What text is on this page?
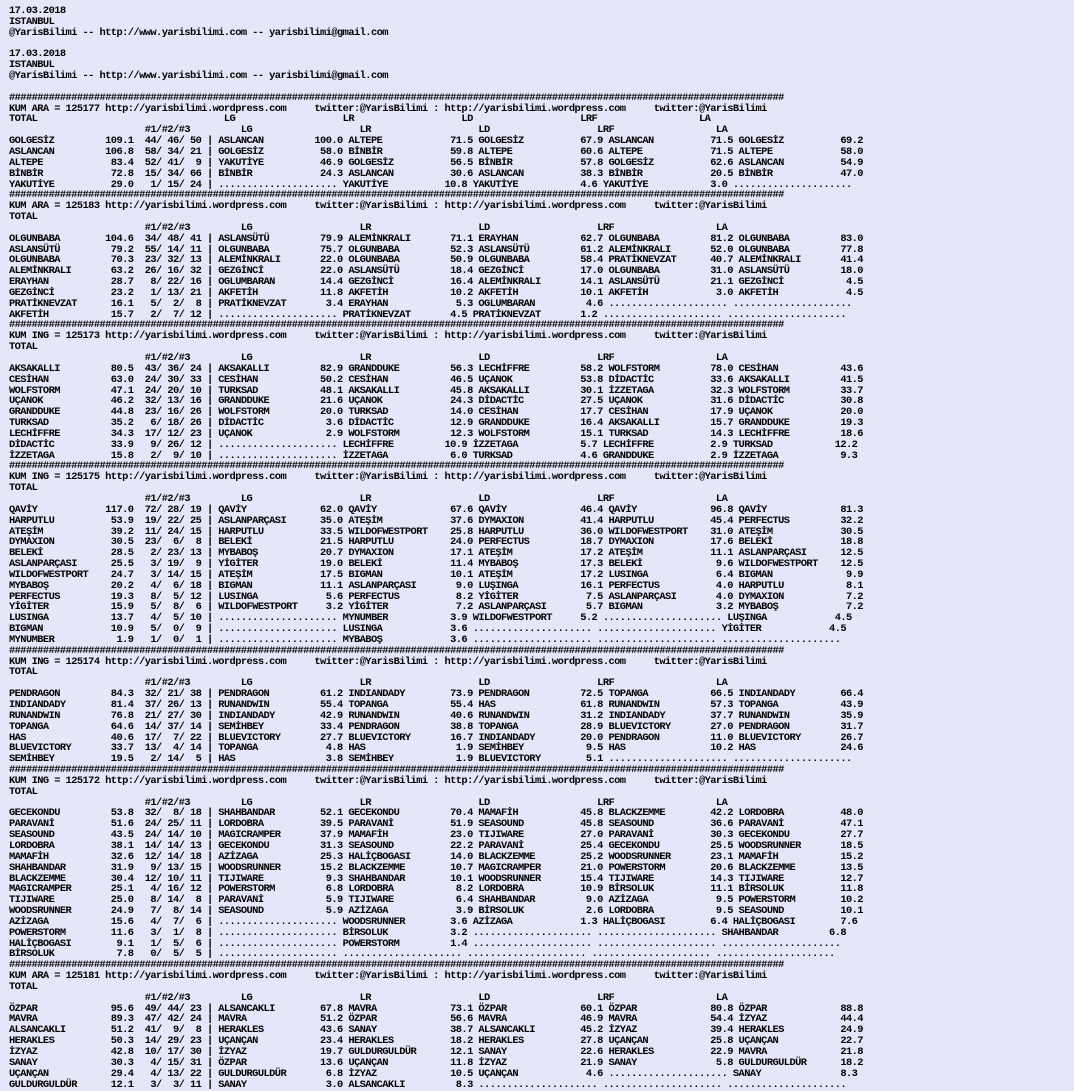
17.03.2018
ISTANBUL
@YarisBilimi -- http://www.yarisbilimi.com -- yarisbilimi@gmail.com
17.03.2018
ISTANBUL
@YarisBilimi -- http://www.yarisbilimi.com -- yarisbilimi@gmail.com
#########################################################################################################################################
KUM ARA = 125177 http://yarisbilimi.wordpress.com     twitter:@YarisBilimi : http://yarisbilimi.wordpress.com     twitter:@YarisBilimi
TOTAL                                 LG                   LR                   LD                   LRF                  LA
#1/#2/#3         LG                   LR                   LD                   LRF                  LA
GOLGESİZ         109.1  44/ 46/ 50 | ASLANCAN         100.0 ALTEPE            71.5 GOLGESİZ          67.9 ASLANCAN          71.5 GOLGESİZ          69.2
ASLANCAN         106.8  58/ 34/ 21 | GOLGESİZ          58.0 BİNBİR            59.8 ALTEPE            60.6 ALTEPE            71.5 ALTEPE            58.0
ALTEPE            83.4  52/ 41/  9 | YAKUTİYE          46.9 GOLGESİZ          56.5 BİNBİR            57.8 GOLGESİZ          62.6 ASLANCAN          54.9
BİNBİR            72.8  15/ 34/ 66 | BİNBİR            24.3 ASLANCAN          30.6 ASLANCAN          38.3 BİNBİR            20.5 BİNBİR            47.0
YAKUTİYE          29.0   1/ 15/ 24 | ..................... YAKUTİYE          10.8 YAKUTİYE           4.6 YAKUTİYE           3.0 .....................
#########################################################################################################################################
KUM ARA = 125183 http://yarisbilimi.wordpress.com     twitter:@YarisBilimi : http://yarisbilimi.wordpress.com     twitter:@YarisBilimi
TOTAL
#1/#2/#3         LG                   LR                   LD                   LRF                  LA
OLGUNBABA        104.6  34/ 48/ 41 | ASLANSÜTÜ         79.9 ALEMİNKRALI       71.1 ERAYHAN           62.7 OLGUNBABA         81.2 OLGUNBABA         83.0
ASLANSÜTÜ         79.2  55/ 14/ 11 | OLGUNBABA         75.7 OLGUNBABA         52.3 ASLANSÜTÜ         61.2 ALEMİNKRALI       52.0 OLGUNBABA         77.8
OLGUNBABA         70.3  23/ 32/ 13 | ALEMİNKRALI       22.0 OLGUNBABA         50.9 OLGUNBABA         58.4 PRATİKNEVZAT      40.7 ALEMİNKRALI       41.4
ALEMİNKRALI       63.2  26/ 16/ 32 | GEZGİNCİ          22.0 ASLANSÜTÜ         18.4 GEZGİNCİ          17.0 OLGUNBABA         31.0 ASLANSÜTÜ         18.0
ERAYHAN           28.7   8/ 22/ 16 | OGLUMBARAN        14.4 GEZGİNCİ          16.4 ALEMİNKRALI       14.1 ASLANSÜTÜ         21.1 GEZGİNCİ           4.5
GEZGİNCİ          23.2   1/ 13/ 21 | AKFETİH           11.8 AKFETİH           10.2 AKFETİH           10.1 AKFETİH            3.0 AKFETİH            4.5
PRATİKNEVZAT      16.1   5/  2/  8 | PRATİKNEVZAT       3.4 ERAYHAN            5.3 OGLUMBARAN         4.6 ..................... .....................
AKFETİH           15.7   2/  7/ 12 | ..................... PRATİKNEVZAT       4.5 PRATİKNEVZAT       1.2 ..................... .....................
#########################################################################################################################################
KUM ING = 125173 http://yarisbilimi.wordpress.com     twitter:@YarisBilimi : http://yarisbilimi.wordpress.com     twitter:@YarisBilimi
TOTAL
#1/#2/#3         LG                   LR                   LD                   LRF                  LA
AKSAKALLI         80.5  43/ 36/ 24 | AKSAKALLI         82.9 GRANDDUKE         56.3 LECHİFFRE         58.2 WOLFSTORM         78.0 CESİHAN           43.6
CESİHAN           63.0  24/ 30/ 33 | CESİHAN           50.2 CESİHAN           46.5 UÇANOK            53.8 DİDACTİC          33.6 AKSAKALLI         41.5
WOLFSTORM         47.1  24/ 20/ 10 | TURKSAD           48.1 AKSAKALLI         45.8 AKSAKALLI         30.1 İZZETAGA          32.3 WOLFSTORM         33.7
UÇANOK            46.2  32/ 13/ 16 | GRANDDUKE         21.6 UÇANOK            24.3 DİDACTİC          27.5 UÇANOK            31.6 DİDACTİC          30.8
GRANDDUKE         44.8  23/ 16/ 26 | WOLFSTORM         20.0 TURKSAD           14.0 CESİHAN           17.7 CESİHAN           17.9 UÇANOK            20.0
TURKSAD           35.2   6/ 18/ 26 | DİDACTİC           3.6 DİDACTİC          12.9 GRANDDUKE         16.4 AKSAKALLI         15.7 GRANDDUKE         19.3
LECHİFFRE         34.3  17/ 12/ 23 | UÇANOK             2.9 WOLFSTORM         12.3 WOLFSTORM         15.1 TURKSAD           14.3 LECHİFFRE         18.6
DİDACTİC          33.9   9/ 26/ 12 | ..................... LECHİFFRE         10.9 İZZETAGA           5.7 LECHİFFRE          2.9 TURKSAD           12.2
İZZETAGA          15.8   2/  9/ 10 | ..................... İZZETAGA           6.0 TURKSAD            4.6 GRANDDUKE          2.9 İZZETAGA           9.3
#########################################################################################################################################
KUM ING = 125175 http://yarisbilimi.wordpress.com     twitter:@YarisBilimi : http://yarisbilimi.wordpress.com     twitter:@YarisBilimi
TOTAL
#1/#2/#3         LG                   LR                   LD                   LRF                  LA
QAVİY            117.0  72/ 28/ 19 | QAVİY             62.0 QAVİY             67.6 QAVİY             46.4 QAVİY             96.8 QAVİY             81.3
HARPUTLU          53.9  19/ 22/ 25 | ASLANPARÇASI      35.0 ATEŞİM            37.6 DYMAXION          41.4 HARPUTLU          45.4 PERFECTUS         32.2
ATEŞİM            39.2  11/ 24/ 15 | HARPUTLU          33.5 WILDOFWESTPORT    25.8 HARPUTLU          36.0 WILDOFWESTPORT    31.0 ATEŞİM            30.5
DYMAXION          30.5  23/  6/  8 | BELEKİ            21.5 HARPUTLU          24.0 PERFECTUS         18.7 DYMAXION          17.6 BELEKİ            18.8
BELEKİ            28.5   2/ 23/ 13 | MYBABOŞ           20.7 DYMAXION          17.1 ATEŞİM            17.2 ATEŞİM            11.1 ASLANPARÇASI      12.5
ASLANPARÇASI      25.5   3/ 19/  9 | YİGİTER           19.0 BELEKİ            11.4 MYBABOŞ           17.3 BELEKİ             9.6 WILDOFWESTPORT    12.5
WILDOFWESTPORT    24.7   3/ 14/ 15 | ATEŞİM            17.5 BIGMAN            10.1 ATEŞİM            17.2 LUSINGA            6.4 BIGMAN             9.9
MYBABOŞ           20.2   4/  6/ 18 | BIGMAN            11.1 ASLANPARÇASI       9.0 LUŞINGA           16.1 PERFECTUS          4.0 HARPUTLU           8.1
PERFECTUS         19.3   8/  5/ 12 | LUSINGA            5.6 PERFECTUS          8.2 YİGİTER            7.5 ASLANPARÇASI       4.0 DYMAXION           7.2
YİGİTER           15.9   5/  8/  6 | WILDOFWESTPORT     3.2 YİGİTER            7.2 ASLANPARÇASI       5.7 BIGMAN             3.2 MYBABOŞ            7.2
LUSINGA           13.7   4/  5/ 10 | ..................... MYNUMBER           3.9 WILDOFWESTPORT     5.2 ..................... LUŞINGA            4.5
BIGMAN            10.9   5/  0/  9 | ..................... LUSINGA            3.6 ..................... ..................... YİGİTER            4.5
MYNUMBER           1.9   1/  0/  1 | ..................... MYBABOŞ            3.6 ..................... ..................... .....................
#########################################################################################################################################
KUM ING = 125174 http://yarisbilimi.wordpress.com     twitter:@YarisBilimi : http://yarisbilimi.wordpress.com     twitter:@YarisBilimi
TOTAL
#1/#2/#3         LG                   LR                   LD                   LRF                  LA
PENDRAGON         84.3  32/ 21/ 38 | PENDRAGON         61.2 INDIANDADY        73.9 PENDRAGON         72.5 TOPANGA           66.5 INDIANDADY        66.4
INDIANDADY        81.4  37/ 26/ 13 | RUNANDWIN         55.4 TOPANGA           55.4 HAS               61.8 RUNANDWIN         57.3 TOPANGA           43.9
RUNANDWIN         76.8  21/ 27/ 30 | INDIANDADY        42.9 RUNANDWIN         40.6 RUNANDWIN         31.2 INDIANDADY        37.7 RUNANDWIN         35.9
TOPANGA           64.6  14/ 37/ 14 | SEMİHBEY          33.4 PENDRAGON         38.8 TOPANGA           28.9 BLUEVICTORY       27.0 PENDRAGON         31.7
HAS               40.6  17/  7/ 22 | BLUEVICTORY       27.7 BLUEVICTORY       16.7 INDIANDADY        20.0 PENDRAGON         11.0 BLUEVICTORY       26.7
BLUEVICTORY       33.7  13/  4/ 14 | TOPANGA            4.8 HAS                1.9 SEMİHBEY           9.5 HAS               10.2 HAS               24.6
SEMİHBEY          19.5   2/ 14/  5 | HAS                3.8 SEMİHBEY           1.9 BLUEVICTORY        5.1 ..................... .....................
#########################################################################################################################################
KUM ING = 125172 http://yarisbilimi.wordpress.com     twitter:@YarisBilimi : http://yarisbilimi.wordpress.com     twitter:@YarisBilimi
TOTAL
#1/#2/#3         LG                   LR                   LD                   LRF                  LA
GECEKONDU         53.8  32/  8/ 18 | SHAHBANDAR        52.1 GECEKONDU         70.4 MAMAFİH           45.8 BLACKZEMME        42.2 LORDOBRA          48.0
PARAVANİ          51.6  24/ 25/ 11 | LORDOBRA          39.5 PARAVANİ          51.9 SEASOUND          45.8 SEASOUND          36.6 PARAVANİ          47.1
SEASOUND          43.5  24/ 14/ 10 | MAGICRAMPER       37.9 MAMAFİH           23.0 TIJIWARE          27.0 PARAVANİ          30.3 GECEKONDU         27.7
LORDOBRA          38.1  14/ 14/ 13 | GECEKONDU         31.3 SEASOUND          22.2 PARAVANİ          25.4 GECEKONDU         25.5 WOODSRUNNER       18.5
MAMAFİH           32.6  12/ 14/ 18 | AZİZAGA           25.3 HALİÇBOGASI       14.0 BLACKZEMME        25.2 WOODSRUNNER       23.1 MAMAFİH           15.2
SHAHBANDAR        31.9   9/ 13/ 15 | WOODSRUNNER       15.2 BLACKZEMME        10.7 MAGICRAMPER       21.0 POWERSTORM        20.6 BLACKZEMME        13.5
BLACKZEMME        30.4  12/ 10/ 11 | TIJIWARE           9.3 SHAHBANDAR        10.1 WOODSRUNNER       15.4 TIJIWARE          14.3 TIJIWARE          12.7
MAGICRAMPER       25.1   4/ 16/ 12 | POWERSTORM         6.8 LORDOBRA           8.2 LORDOBRA          10.9 BİRSOLUK          11.1 BİRSOLUK          11.8
TIJIWARE          25.0   8/ 14/  8 | PARAVANİ           5.9 TIJIWARE           6.4 SHAHBANDAR         9.0 AZİZAGA            9.5 POWERSTORM        10.2
WOODSRUNNER       24.9   7/  8/ 14 | SEASOUND           5.9 AZİZAGA            3.9 BİRSOLUK           2.6 LORDOBRA           9.5 SEASOUND          10.1
AZİZAGA           15.6   4/  7/  6 | ..................... WOODSRUNNER        3.6 AZİZAGA            1.3 HALİÇBOGASI        6.4 HALİÇBOGASI        7.6
POWERSTORM        11.6   3/  1/  8 | ..................... BİRSOLUK           3.2 ..................... ..................... SHAHBANDAR         6.8
HALİÇBOGASI        9.1   1/  5/  6 | ..................... POWERSTORM         1.4 ..................... ..................... .....................
BİRSOLUK           7.8   0/  5/  5 | ..................... ..................... ..................... ..................... .....................
#########################################################################################################################################
KUM ARA = 125181 http://yarisbilimi.wordpress.com     twitter:@YarisBilimi : http://yarisbilimi.wordpress.com     twitter:@YarisBilimi
TOTAL
#1/#2/#3         LG                   LR                   LD                   LRF                  LA
ÖZPAR             95.6  49/ 44/ 23 | ALSANCAKLI        67.8 MAVRA             73.1 ÖZPAR             60.1 ÖZPAR             80.8 ÖZPAR             88.8
MAVRA             89.3  47/ 42/ 24 | MAVRA             51.2 ÖZPAR             56.6 MAVRA             46.9 MAVRA             54.4 İZYAZ             44.4
ALSANCAKLI        51.2  41/  9/  8 | HERAKLES          43.6 SANAY             38.7 ALSANCAKLI        45.2 İZYAZ             39.4 HERAKLES          24.9
HERAKLES          50.3  14/ 29/ 23 | UÇANÇAN           23.4 HERAKLES          18.2 HERAKLES          27.8 UÇANÇAN           25.8 UÇANÇAN           22.7
İZYAZ             42.8  10/ 17/ 30 | İZYAZ             19.7 GULDURGULDÜR      12.1 SANAY             22.6 HERAKLES          22.9 MAVRA             21.8
SANAY             30.3   4/ 15/ 31 | ÖZPAR             13.6 UÇANÇAN           11.8 İZYAZ             21.9 SANAY              5.8 GULDURGULDÜR      18.2
UÇANÇAN           29.4   4/ 13/ 22 | GULDURGULDÜR       6.8 İZYAZ             10.5 UÇANÇAN            4.6 ..................... SANAY              8.3
GULDURGULDÜR      12.1   3/  3/ 11 | SANAY              3.0 ALSANCAKLI         8.3 ..................... ..................... .....................
